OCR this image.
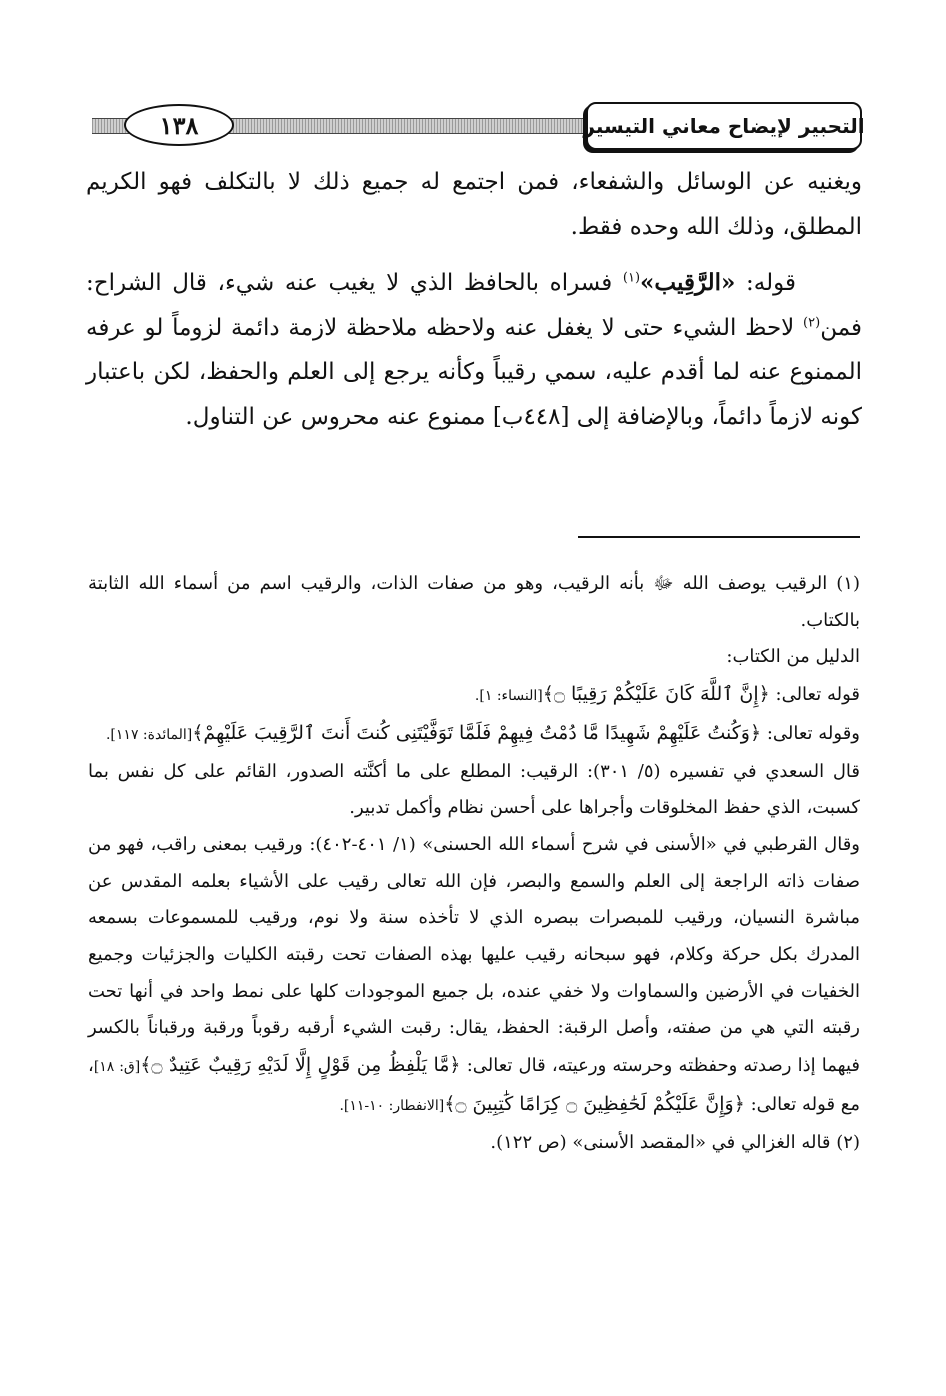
التحبير لإيضاح معاني التيسير
١٣٨

ويغنيه عن الوسائل والشفعاء، فمن اجتمع له جميع ذلك لا بالتكلف فهو الكريم المطلق، وذلك الله وحده فقط.

قوله: «الرَّقِيب»$^{(١)}$ فسراه بالحافظ الذي لا يغيب عنه شيء، قال الشراح: فمن$^{(٢)}$ لاحظ الشيء حتى لا يغفل عنه ولاحظه ملاحظة لازمة دائمة لزوماً لو عرفه الممنوع عنه لما أقدم عليه، سمي رقيباً وكأنه يرجع إلى العلم والحفظ، لكن باعتبار كونه لازماً دائماً، وبالإضافة إلى [٤٤٨ب] ممنوع عنه محروس عن التناول.

(١) الرقيب يوصف الله ﷻ بأنه الرقيب، وهو من صفات الذات، والرقيب اسم من أسماء الله الثابتة بالكتاب.

الدليل من الكتاب:

قوله تعالى: ﴿إِنَّ ٱللَّهَ كَانَ عَلَيْكُمْ رَقِيبًا ۝﴾[النساء: ١].

وقوله تعالى: ﴿وَكُنتُ عَلَيْهِمْ شَهِيدًا مَّا دُمْتُ فِيهِمْ فَلَمَّا تَوَفَّيْتَنِى كُنتَ أَنتَ ٱلرَّقِيبَ عَلَيْهِمْ﴾[المائدة: ١١٧].

قال السعدي في تفسيره (٥/ ٣٠١): الرقيب: المطلع على ما أكنَّته الصدور، القائم على كل نفس بما كسبت، الذي حفظ المخلوقات وأجراها على أحسن نظام وأكمل تدبير.

وقال القرطبي في «الأسنى في شرح أسماء الله الحسنى» (١/ ٤٠١-٤٠٢): ورقيب بمعنى راقب، فهو من صفات ذاته الراجعة إلى العلم والسمع والبصر، فإن الله تعالى رقيب على الأشياء بعلمه المقدس عن مباشرة النسيان، ورقيب للمبصرات ببصره الذي لا تأخذه سنة ولا نوم، ورقيب للمسموعات بسمعه المدرك بكل حركة وكلام، فهو سبحانه رقيب عليها بهذه الصفات تحت رقبته الكليات والجزئيات وجميع الخفيات في الأرضين والسماوات ولا خفي عنده، بل جميع الموجودات كلها على نمط واحد في أنها تحت رقبته التي هي من صفته، وأصل الرقبة: الحفظ، يقال: رقبت الشيء أرقبه رقوباً ورقبة ورقباناً بالكسر فيهما إذا رصدته وحفظته وحرسته ورعيته، قال تعالى: ﴿مَّا يَلْفِظُ مِن قَوْلٍ إِلَّا لَدَيْهِ رَقِيبٌ عَتِيدٌ ۝﴾[ق: ١٨]، مع قوله تعالى: ﴿وَإِنَّ عَلَيْكُمْ لَحَٰفِظِينَ ۝ كِرَامًا كَٰتِبِينَ ۝﴾[الانفطار: ١٠-١١].

(٢) قاله الغزالي في «المقصد الأسنى» (ص ١٢٢).
